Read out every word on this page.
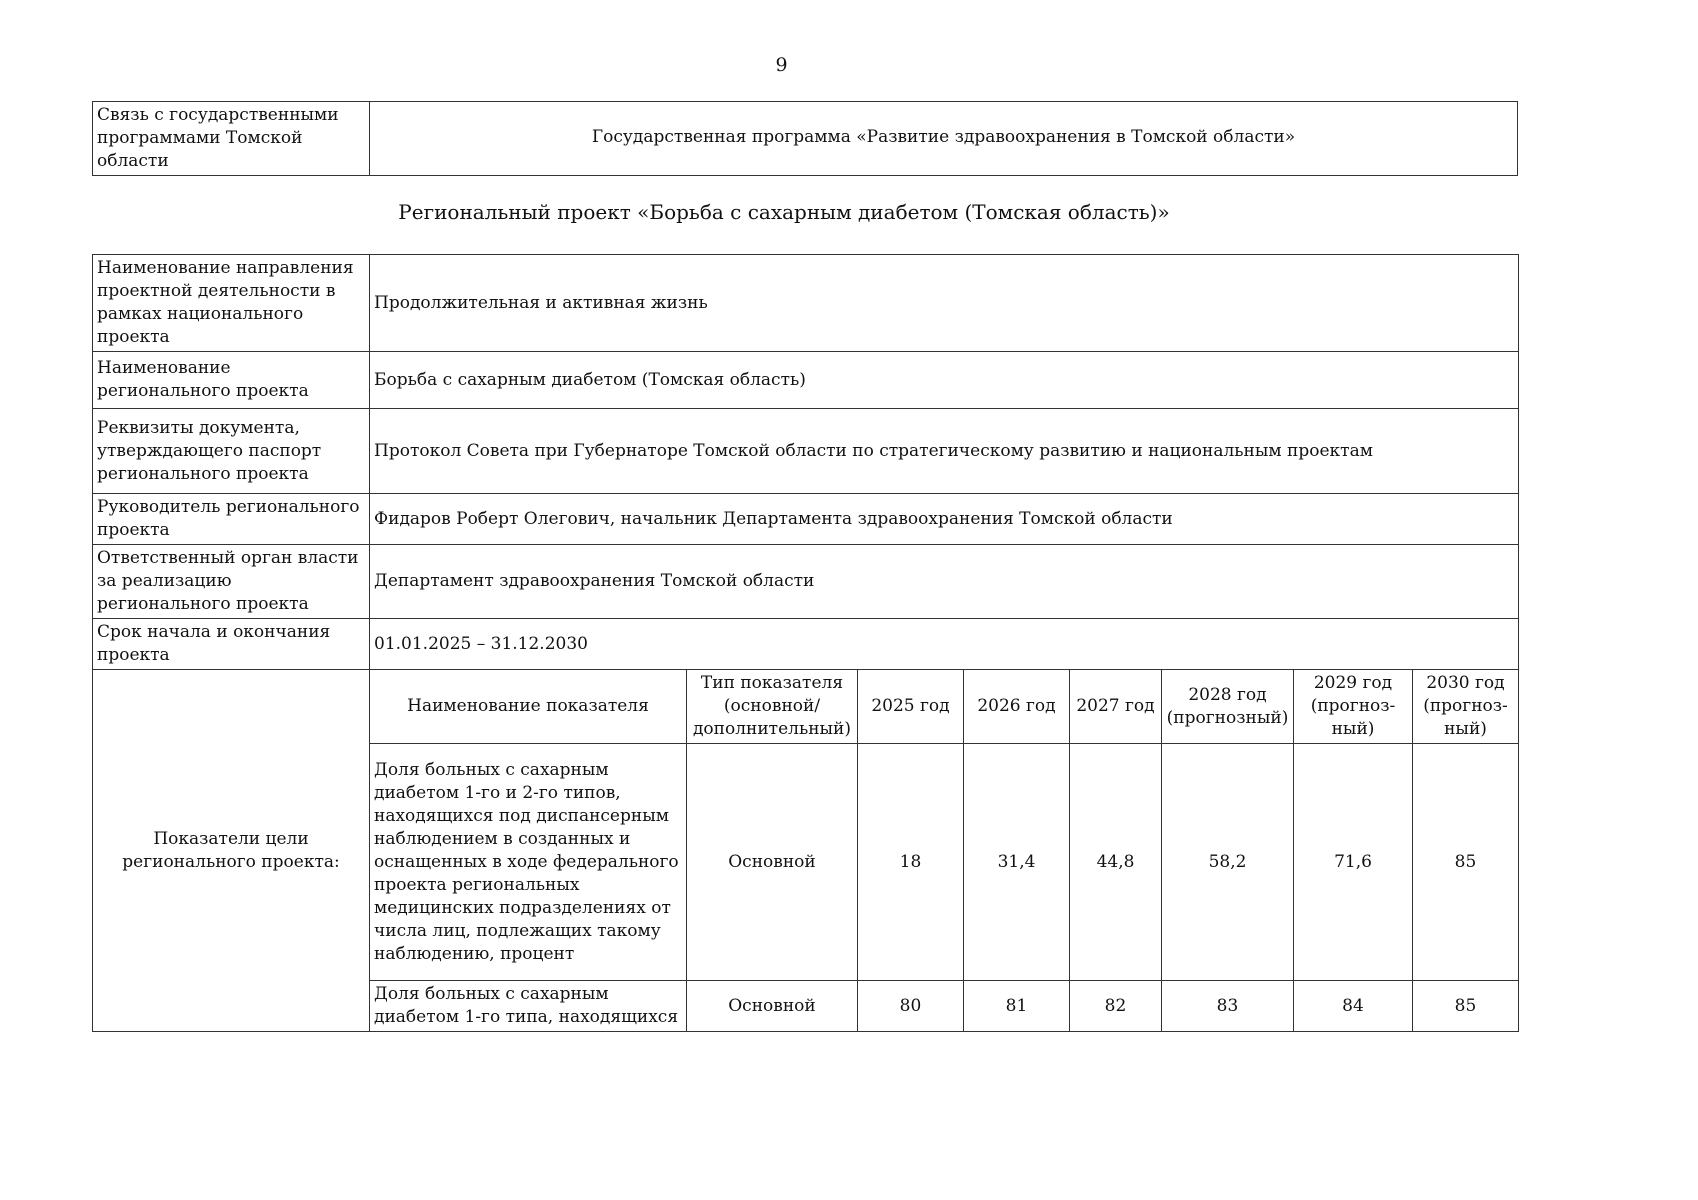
9
Связь с государственными программами Томской области	Государственная программа «Развитие здравоохранения в Томской области»
Региональный проект «Борьба с сахарным диабетом (Томская область)»
Наименование направления проектной деятельности в рамках национального проекта	Продолжительная и активная жизнь							
Наименование регионального проекта	Борьба с сахарным диабетом (Томская область)							
Реквизиты документа, утверждающего паспорт регионального проекта	Протокол Совета при Губернаторе Томской области по стратегическому развитию и национальным проектам							
Руководитель регионального проекта	Фидаров Роберт Олегович, начальник Департамента здравоохранения Томской области							
Ответственный орган власти за реализацию регионального проекта	Департамент здравоохранения Томской области							
Срок начала и окончания проекта	01.01.2025 – 31.12.2030							
Показатели цели регионального проекта:	Наименование показателя	Тип показателя (основной/ дополнительный)	2025 год	2026 год	2027 год	2028 год (прогнозный)	2029 год (прогноз-ный)	2030 год (прогноз-ный)
	Доля больных с сахарным диабетом 1-го и 2-го типов, находящихся под диспансерным наблюдением в созданных и оснащенных в ходе федерального проекта региональных медицинских подразделениях от числа лиц, подлежащих такому наблюдению, процент	Основной	18	31,4	44,8	58,2	71,6	85
	Доля больных с сахарным диабетом 1-го типа, находящихся	Основной	80	81	82	83	84	85
